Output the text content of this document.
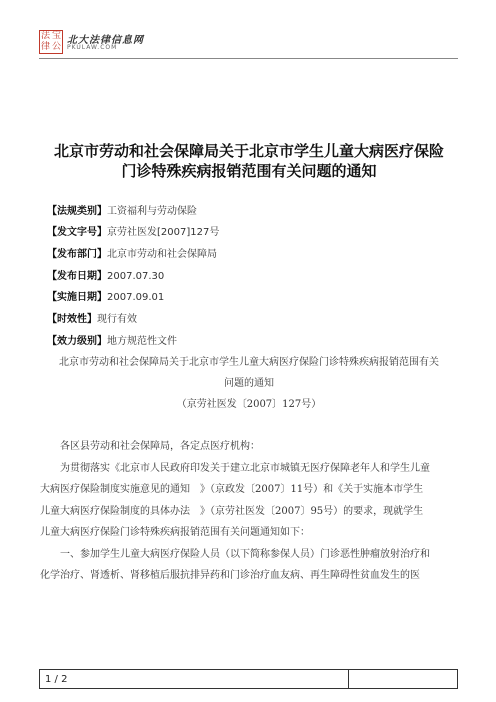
法 宝
律 公
北大法律信息网
PKULAW.COM
北京市劳动和社会保障局关于北京市学生儿童大病医疗保险
门诊特殊疾病报销范围有关问题的通知
【法规类别】工资福利与劳动保险
【发文字号】京劳社医发[2007]127号
【发布部门】北京市劳动和社会保障局
【发布日期】2007.07.30
【实施日期】2007.09.01
【时效性】现行有效
【效力级别】地方规范性文件
北京市劳动和社会保障局关于北京市学生儿童大病医疗保险门诊特殊疾病报销范围有关
问题的通知
（京劳社医发〔2007〕127号）
各区县劳动和社会保障局，各定点医疗机构：
为贯彻落实《北京市人民政府印发关于建立北京市城镇无医疗保障老年人和学生儿童
大病医疗保险制度实施意见的通知　》（京政发〔2007〕11号）和《关于实施本市学生
儿童大病医疗保险制度的具体办法　》（京劳社医发〔2007〕95号）的要求，现就学生
儿童大病医疗保险门诊特殊疾病报销范围有关问题通知如下：
一、参加学生儿童大病医疗保险人员（以下简称参保人员）门诊恶性肿瘤放射治疗和
化学治疗、肾透析、肾移植后服抗排异药和门诊治疗血友病、再生障碍性贫血发生的医
1 / 2
